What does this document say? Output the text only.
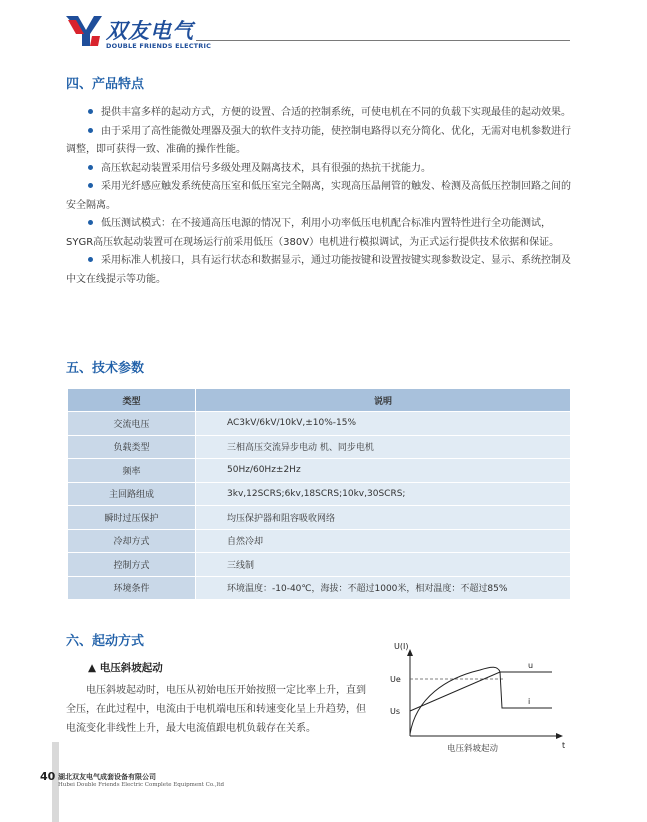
双友电气
DOUBLE FRIENDS ELECTRIC
四、产品特点
提供丰富多样的起动方式，方便的设置、合适的控制系统，可使电机在不同的负载下实现最佳的起动效果。
由于采用了高性能微处理器及强大的软件支持功能，使控制电路得以充分简化、优化，无需对电机参数进行调整，即可获得一致、准确的操作性能。
高压软起动装置采用信号多级处理及隔离技术，具有很强的热抗干扰能力。
采用光纤感应触发系统使高压室和低压室完全隔离，实现高压晶闸管的触发、检测及高低压控制回路之间的安全隔离。
低压测试模式：在不接通高压电源的情况下，利用小功率低压电机配合标准内置特性进行全功能测试，SYGR高压软起动装置可在现场运行前采用低压（380V）电机进行模拟调试，为正式运行提供技术依据和保证。
采用标准人机接口，具有运行状态和数据显示，通过功能按键和设置按键实现参数设定、显示、系统控制及中文在线提示等功能。
五、技术参数
类型	说明
交流电压	AC3kV/6kV/10kV,±10%-15%
负载类型	三相高压交流异步电动 机、同步电机
频率	50Hz/60Hz±2Hz
主回路组成	3kv,12SCRS;6kv,18SCRS;10kv,30SCRS;
瞬时过压保护	均压保护器和阻容吸收网络
冷却方式	自然冷却
控制方式	三线制
环境条件	环境温度：-10-40℃，海拔：不超过1000米，相对温度：不超过85%
六、起动方式
▲ 电压斜坡起动

电压斜坡起动时，电压从初始电压开始按照一定比率上升，直到全压，在此过程中，电流由于电机端电压和转速变化呈上升趋势，但电流变化非线性上升，最大电流值跟电机负载存在关系。

U(I)
Ue
Us
u
i
t
电压斜坡起动
40 湖北双友电气成套设备有限公司
Hubei Double Friends Electric Complete Equipment Co.,ltd
